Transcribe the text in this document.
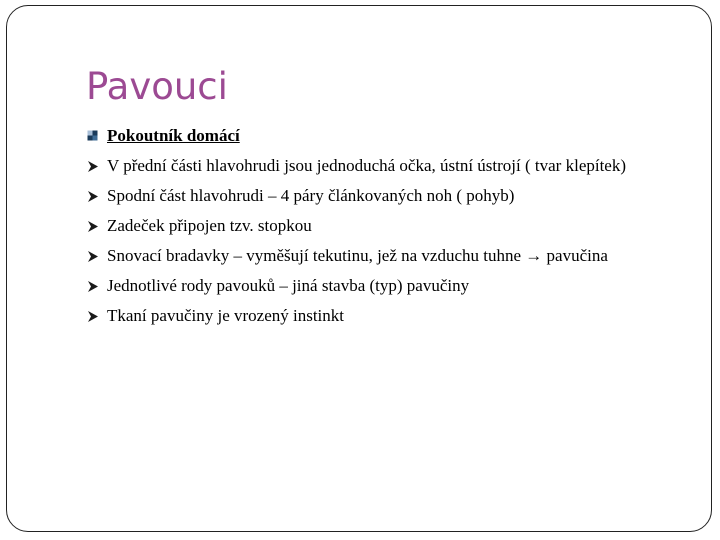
Pavouci
Pokoutník domácí
V přední části hlavohrudi jsou jednoduchá očka, ústní ústrojí ( tvar klepítek)
Spodní část hlavohrudi – 4 páry článkovaných noh ( pohyb)
Zadeček připojen tzv. stopkou
Snovací bradavky – vyměšují tekutinu, jež na vzduchu tuhne → pavučina
Jednotlivé rody pavouků – jiná stavba (typ) pavučiny
Tkaní pavučiny je vrozený instinkt
